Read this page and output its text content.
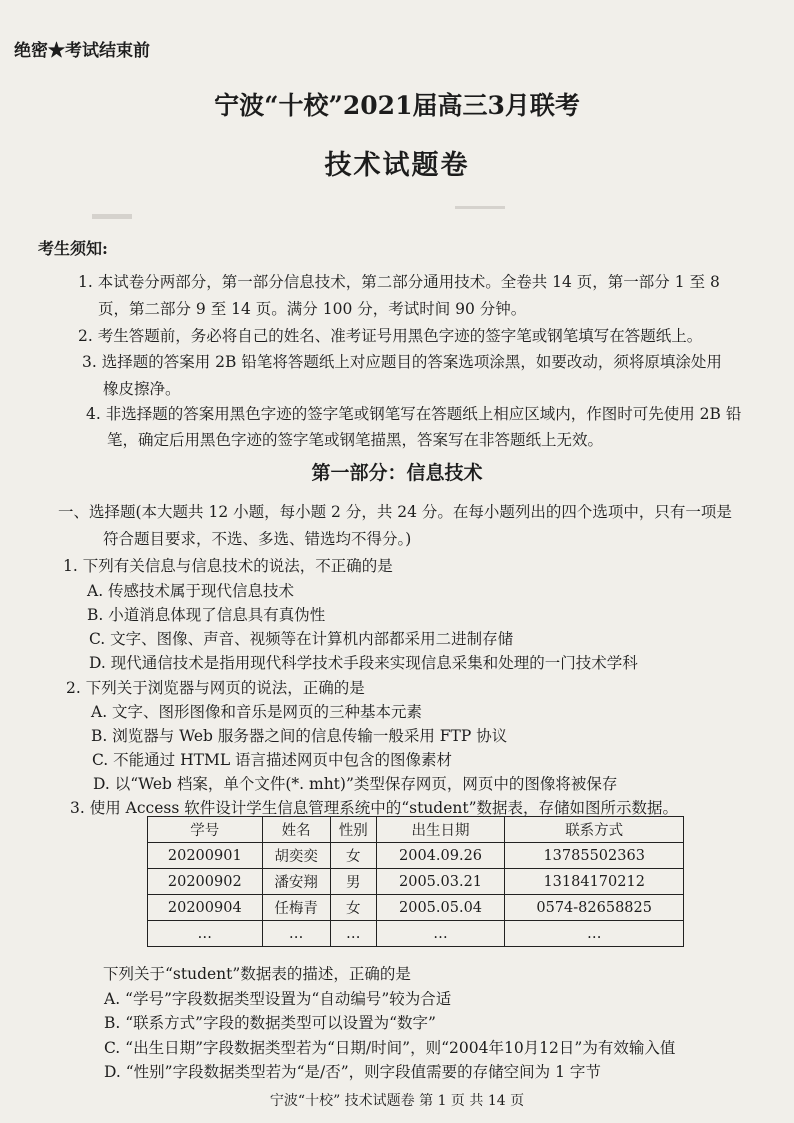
绝密★考试结束前
宁波“十校”2021届高三3月联考
技术试题卷
考生须知:
1. 本试卷分两部分，第一部分信息技术，第二部分通用技术。全卷共 14 页，第一部分 1 至 8
页，第二部分 9 至 14 页。满分 100 分，考试时间 90 分钟。
2. 考生答题前，务必将自己的姓名、准考证号用黑色字迹的签字笔或钢笔填写在答题纸上。
3. 选择题的答案用 2B 铅笔将答题纸上对应题目的答案选项涂黑，如要改动，须将原填涂处用
橡皮擦净。
4. 非选择题的答案用黑色字迹的签字笔或钢笔写在答题纸上相应区域内，作图时可先使用 2B 铅
笔，确定后用黑色字迹的签字笔或钢笔描黑，答案写在非答题纸上无效。
第一部分：信息技术
一、选择题(本大题共 12 小题，每小题 2 分，共 24 分。在每小题列出的四个选项中，只有一项是
符合题目要求，不选、多选、错选均不得分。)
1. 下列有关信息与信息技术的说法，不正确的是
A. 传感技术属于现代信息技术
B. 小道消息体现了信息具有真伪性
C. 文字、图像、声音、视频等在计算机内部都采用二进制存储
D. 现代通信技术是指用现代科学技术手段来实现信息采集和处理的一门技术学科
2. 下列关于浏览器与网页的说法，正确的是
A. 文字、图形图像和音乐是网页的三种基本元素
B. 浏览器与 Web 服务器之间的信息传输一般采用 FTP 协议
C. 不能通过 HTML 语言描述网页中包含的图像素材
D. 以“Web 档案，单个文件(*. mht)”类型保存网页，网页中的图像将被保存
3. 使用 Access 软件设计学生信息管理系统中的“student”数据表，存储如图所示数据。
学号	姓名	性别	出生日期	联系方式
20200901	胡奕奕	女	2004.09.26	13785502363
20200902	潘安翔	男	2005.03.21	13184170212
20200904	任梅青	女	2005.05.04	0574-82658825
…	…	…	…	…
下列关于“student”数据表的描述，正确的是
A. “学号”字段数据类型设置为“自动编号”较为合适
B. “联系方式”字段的数据类型可以设置为“数字”
C. “出生日期”字段数据类型若为“日期/时间”，则“2004年10月12日”为有效输入值
D. “性别”字段数据类型若为“是/否”，则字段值需要的存储空间为 1 字节
宁波“十校” 技术试题卷 第 1 页 共 14 页
